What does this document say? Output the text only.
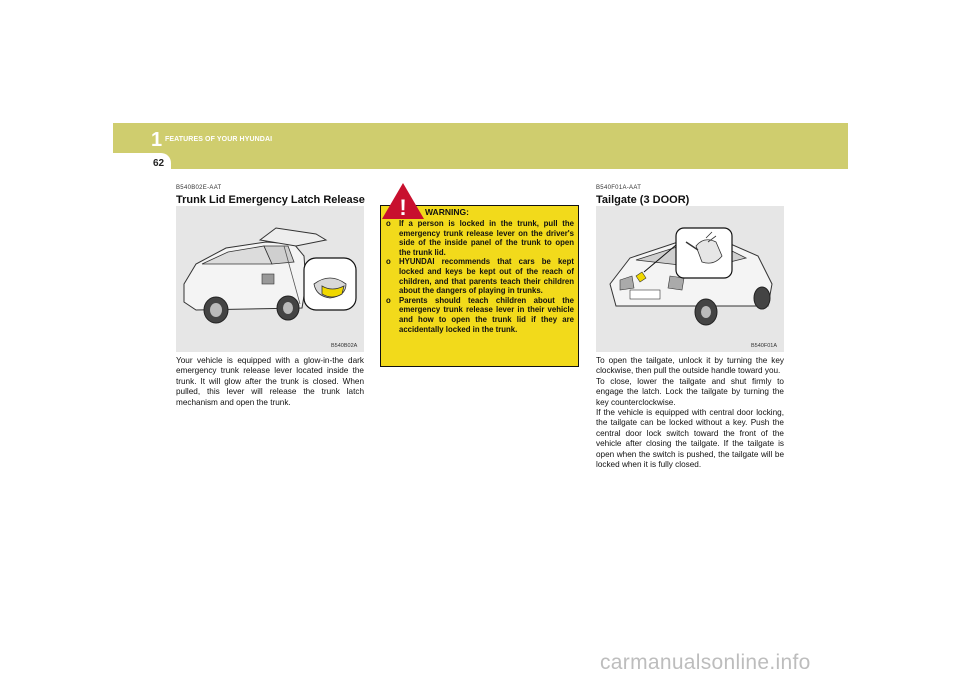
1 FEATURES OF YOUR HYUNDAI
62
B540B02E-AAT
Trunk Lid Emergency Latch Release
B540B02A
Your vehicle is equipped with a glow-in-the dark emergency trunk release lever located inside the trunk. It will glow after the trunk is closed. When pulled, this lever will release the trunk latch mechanism and open the trunk.
! WARNING:
o If a person is locked in the trunk, pull the emergency trunk release lever on the driver's side of the inside panel of the trunk to open the trunk lid.
o HYUNDAI recommends that cars be kept locked and keys be kept out of the reach of children, and that parents teach their children about the dangers of playing in trunks.
o Parents should teach children about the emergency trunk release lever in their vehicle and how to open the trunk lid if they are accidentally locked in the trunk.
B540F01A-AAT
Tailgate (3 DOOR)
B540F01A

To open the tailgate, unlock it by turning the key clockwise, then pull the outside handle toward you.

To close, lower the tailgate and shut firmly to engage the latch. Lock the tailgate by turning the key counterclockwise.

If the vehicle is equipped with central door locking, the tailgate can be locked without a key. Push the central door lock switch toward the front of the vehicle after closing the tailgate. If the tailgate is open when the switch is pushed, the tailgate will be locked when it is fully closed.

carmanualsonline.info
